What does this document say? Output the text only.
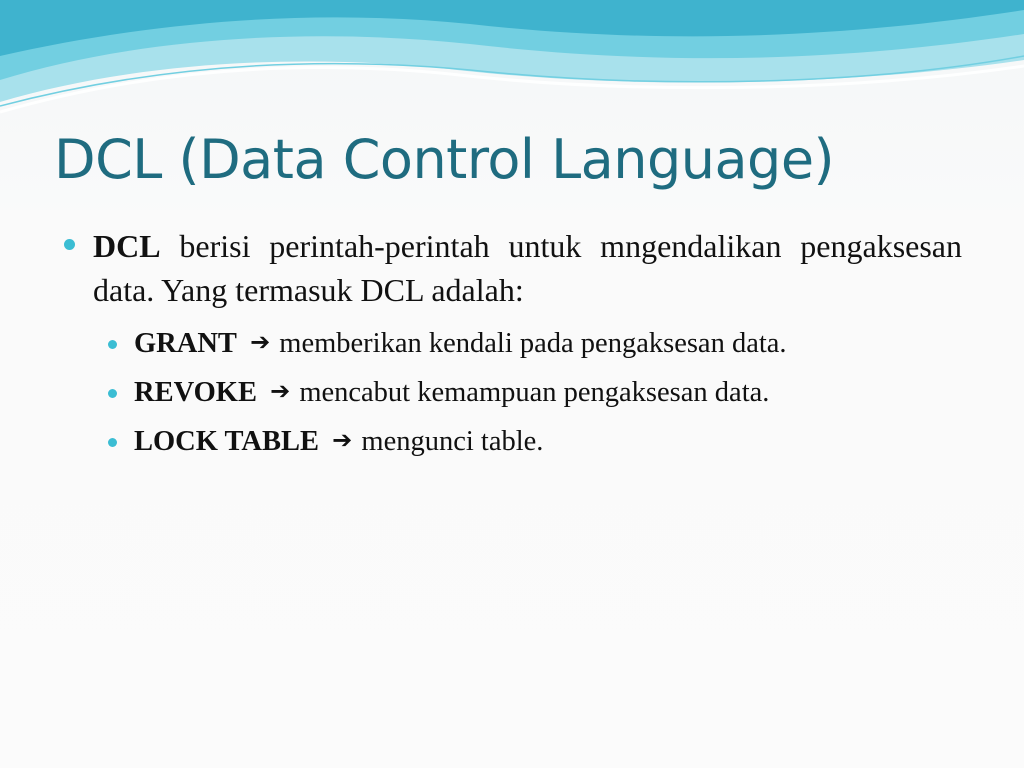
DCL (Data Control Language)
DCL berisi perintah-perintah untuk mngendalikan pengaksesan data. Yang termasuk DCL adalah:
GRANT ➔ memberikan kendali pada pengaksesan data.
REVOKE ➔ mencabut kemampuan pengaksesan data.
LOCK TABLE ➔ mengunci table.
